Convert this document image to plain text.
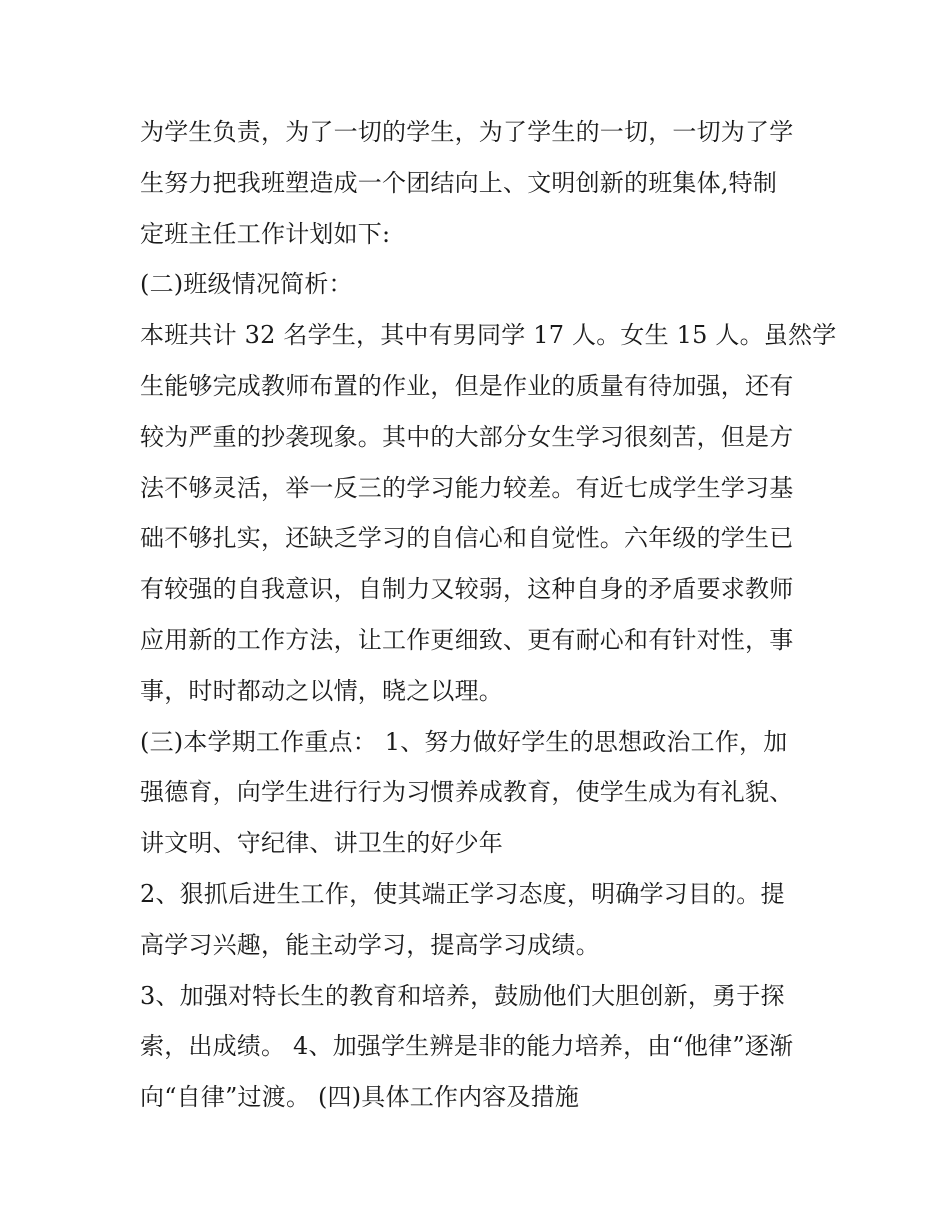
为学生负责，为了一切的学生，为了学生的一切，一切为了学
生努力把我班塑造成一个团结向上、文明创新的班集体,特制
定班主任工作计划如下:
(二)班级情况简析：
本班共计 32 名学生，其中有男同学 17 人。女生 15 人。虽然学
生能够完成教师布置的作业，但是作业的质量有待加强，还有
较为严重的抄袭现象。其中的大部分女生学习很刻苦，但是方
法不够灵活，举一反三的学习能力较差。有近七成学生学习基
础不够扎实，还缺乏学习的自信心和自觉性。六年级的学生已
有较强的自我意识，自制力又较弱，这种自身的矛盾要求教师
应用新的工作方法，让工作更细致、更有耐心和有针对性，事
事，时时都动之以情，晓之以理。
(三)本学期工作重点： 1、努力做好学生的思想政治工作，加
强德育，向学生进行行为习惯养成教育，使学生成为有礼貌、
讲文明、守纪律、讲卫生的好少年
2、狠抓后进生工作，使其端正学习态度，明确学习目的。提
高学习兴趣，能主动学习，提高学习成绩。
3、加强对特长生的教育和培养，鼓励他们大胆创新，勇于探
索，出成绩。 4、加强学生辨是非的能力培养，由“他律”逐渐
向“自律”过渡。 (四)具体工作内容及措施
